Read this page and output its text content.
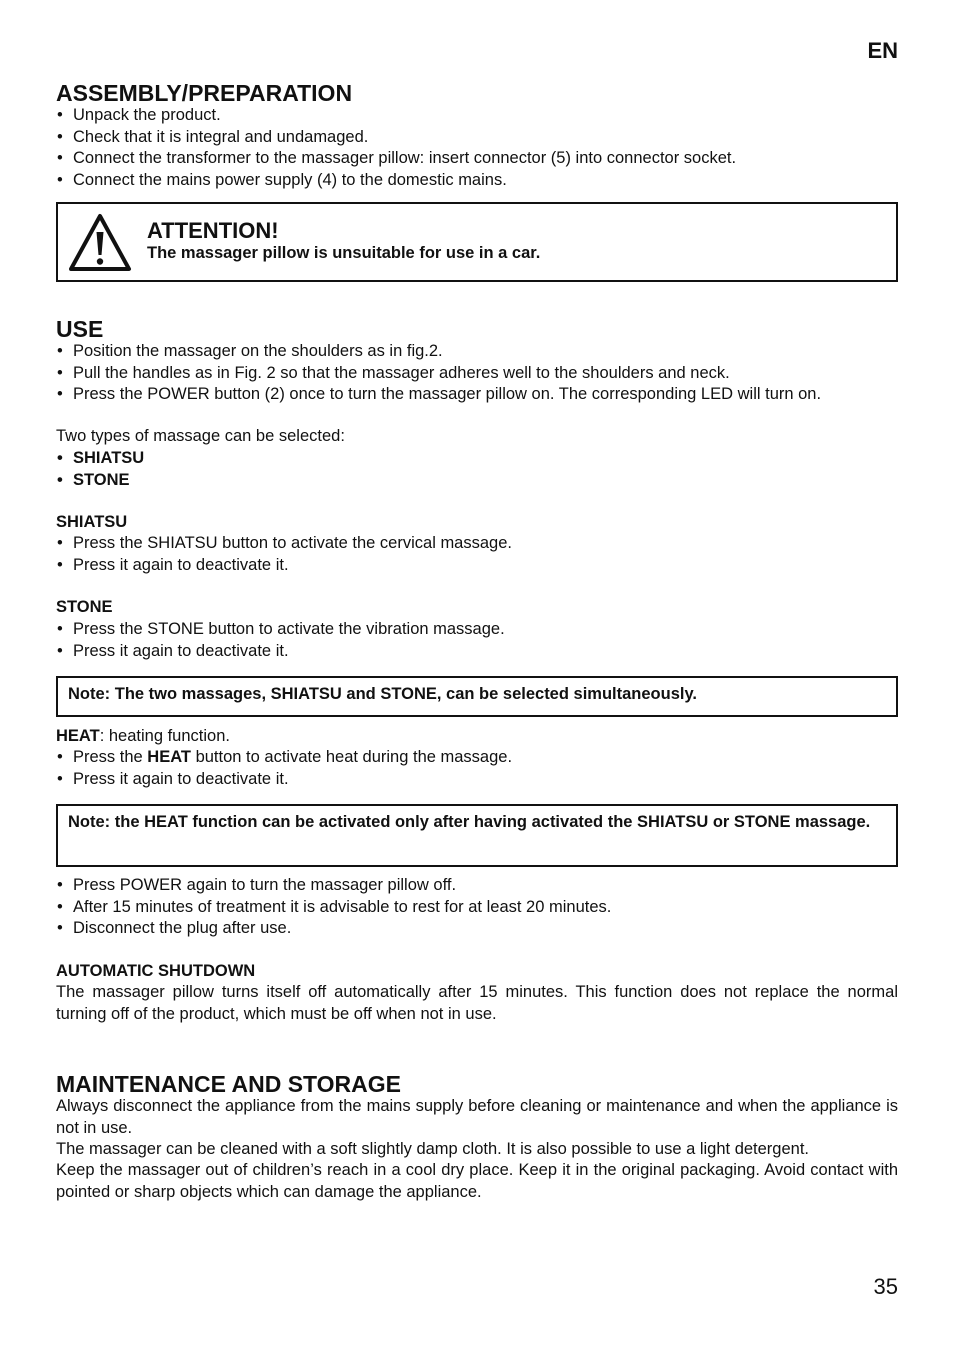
EN
ASSEMBLY/PREPARATION
• Unpack the product.
• Check that it is integral and undamaged.
• Connect the transformer to the massager pillow: insert connector (5) into connector socket.
• Connect the mains power supply (4) to the domestic mains.
ATTENTION!
The massager pillow is unsuitable for use in a car.
USE
• Position the massager on the shoulders as in fig.2.
• Pull the handles as in Fig. 2 so that the massager adheres well to the shoulders and neck.
• Press the POWER button (2) once to turn the massager pillow on. The corresponding LED will turn on.

Two types of massage can be selected:

• SHIATSU
• STONE

SHIATSU

• Press the SHIATSU button to activate the cervical massage.
• Press it again to deactivate it.

STONE

• Press the STONE button to activate the vibration massage.
• Press it again to deactivate it.
Note: The two massages, SHIATSU and STONE, can be selected simultaneously.

HEAT: heating function.

• Press the HEAT button to activate heat during the massage.
• Press it again to deactivate it.
Note: the HEAT function can be activated only after having activated the SHIATSU or STONE massage.
• Press POWER again to turn the massager pillow off.
• After 15 minutes of treatment it is advisable to rest for at least 20 minutes.
• Disconnect the plug after use.

AUTOMATIC SHUTDOWN

The massager pillow turns itself off automatically after 15 minutes. This function does not replace the normal turning off of the product, which must be off when not in use.

MAINTENANCE AND STORAGE

Always disconnect the appliance from the mains supply before cleaning or maintenance and when the appliance is not in use.

The massager can be cleaned with a soft slightly damp cloth. It is also possible to use a light detergent.

Keep the massager out of children’s reach in a cool dry place. Keep it in the original packaging. Avoid contact with pointed or sharp objects which can damage the appliance.

35
